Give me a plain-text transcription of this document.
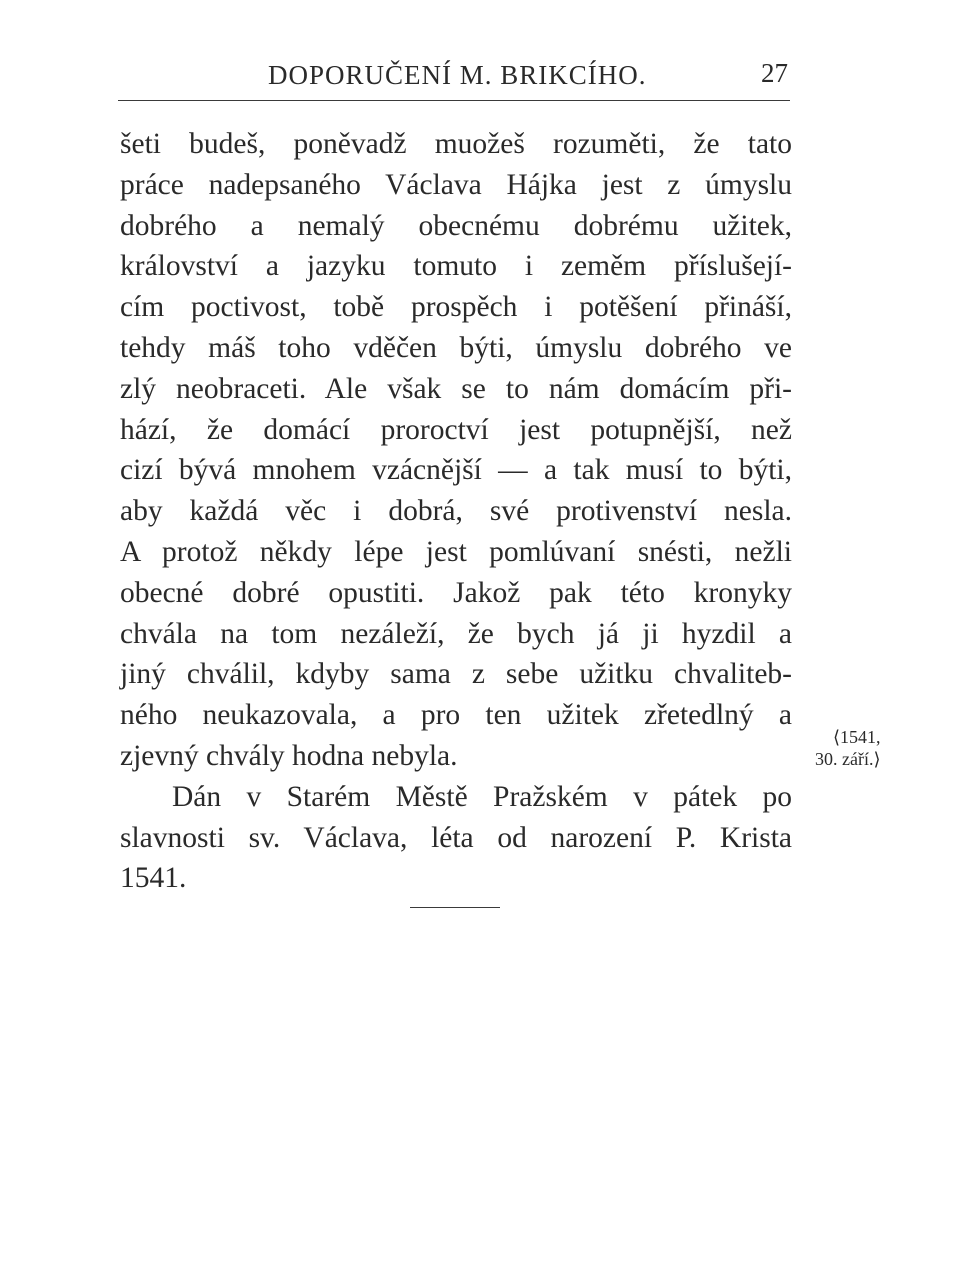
DOPORUČENÍ M. BRIKCÍHO.	27
šeti budeš, poněvadž muožeš rozuměti, že tato
práce nadepsaného Václava Hájka jest z úmyslu
dobrého a nemalý obecnému dobrému užitek,
království a jazyku tomuto i zeměm příslušejí-
cím poctivost, tobě prospěch i potěšení přináší,
tehdy máš toho vděčen býti, úmyslu dobrého ve
zlý neobraceti. Ale však se to nám domácím při-
hází, že domácí proroctví jest potupnější, než
cizí bývá mnohem vzácnější — a tak musí to býti,
aby každá věc i dobrá, své protivenství nesla.
A protož někdy lépe jest pomlúvaní snésti, nežli
obecné dobré opustiti. Jakož pak této kronyky
chvála na tom nezáleží, že bych já ji hyzdil a
jiný chválil, kdyby sama z sebe užitku chvaliteb-
ného neukazovala, a pro ten užitek zřetedlný a
zjevný chvály hodna nebyla.
Dán v Starém Městě Pražském v pátek po
slavnosti sv. Václava, léta od narození P. Krista
1541.
⟨1541,
30. září.⟩
